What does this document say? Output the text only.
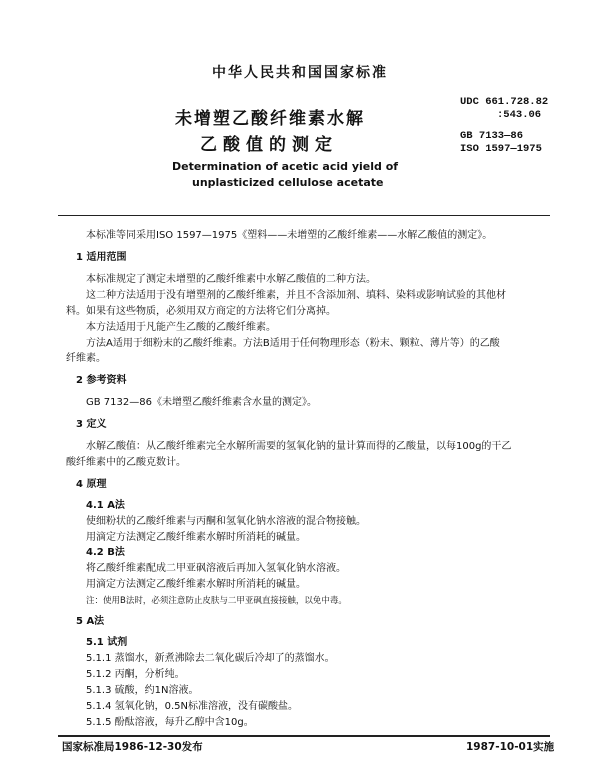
中华人民共和国国家标准
未增塑乙酸纤维素水解
乙酸值的测定
Determination of acetic acid yield of
unplasticized cellulose acetate
UDC 661.728.82
:543.06
GB 7133—86
ISO 1597—1975
本标准等同采用ISO 1597—1975《塑料——未增塑的乙酸纤维素——水解乙酸值的测定》。
1 适用范围
本标准规定了测定未增塑的乙酸纤维素中水解乙酸值的二种方法。
这二种方法适用于没有增塑剂的乙酸纤维素，并且不含添加剂、填料、染料或影响试验的其他材
料。如果有这些物质，必须用双方商定的方法将它们分离掉。
本方法适用于凡能产生乙酸的乙酸纤维素。
方法A适用于细粉末的乙酸纤维素。方法B适用于任何物理形态（粉末、颗粒、薄片等）的乙酸
纤维素。
2 参考资料
GB 7132—86《未增塑乙酸纤维素含水量的测定》。
3 定义
水解乙酸值：从乙酸纤维素完全水解所需要的氢氧化钠的量计算而得的乙酸量，以每100g的干乙
酸纤维素中的乙酸克数计。
4 原理
4.1 A法
使细粉状的乙酸纤维素与丙酮和氢氧化钠水溶液的混合物接触。
用滴定方法测定乙酸纤维素水解时所消耗的碱量。
4.2 B法
将乙酸纤维素配成二甲亚砜溶液后再加入氢氧化钠水溶液。
用滴定方法测定乙酸纤维素水解时所消耗的碱量。
注：使用B法时，必须注意防止皮肤与二甲亚砜直接接触，以免中毒。
5 A法
5.1 试剂
5.1.1 蒸馏水，新煮沸除去二氧化碳后冷却了的蒸馏水。
5.1.2 丙酮，分析纯。
5.1.3 硫酸，约1N溶液。
5.1.4 氢氧化钠，0.5N标准溶液，没有碳酸盐。
5.1.5 酚酞溶液，每升乙醇中含10g。
国家标准局1986-12-30发布	1987-10-01实施
